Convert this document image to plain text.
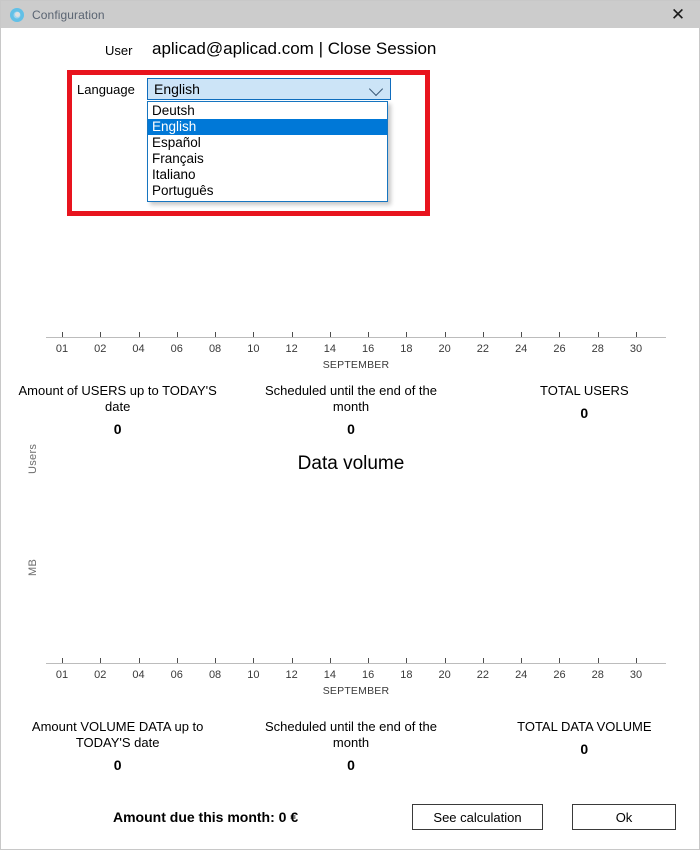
Configuration	✕
User aplicad@aplicad.com | Close Session
Language English
Deutsh
English
Español
Français
Italiano
Português
Users
SEPTEMBER
01 02 04 06 08 10 12 14 16 18 20 22 24 26 28 30
Amount of USERS up to TODAY'S date
0
Scheduled until the end of the month
0
TOTAL USERS
0
Data volume
MB
SEPTEMBER
01 02 04 06 08 10 12 14 16 18 20 22 24 26 28 30
Amount VOLUME DATA up to TODAY'S date
0
Scheduled until the end of the month
0
TOTAL DATA VOLUME
0
Amount due this month: 0 €	See calculation	Ok
